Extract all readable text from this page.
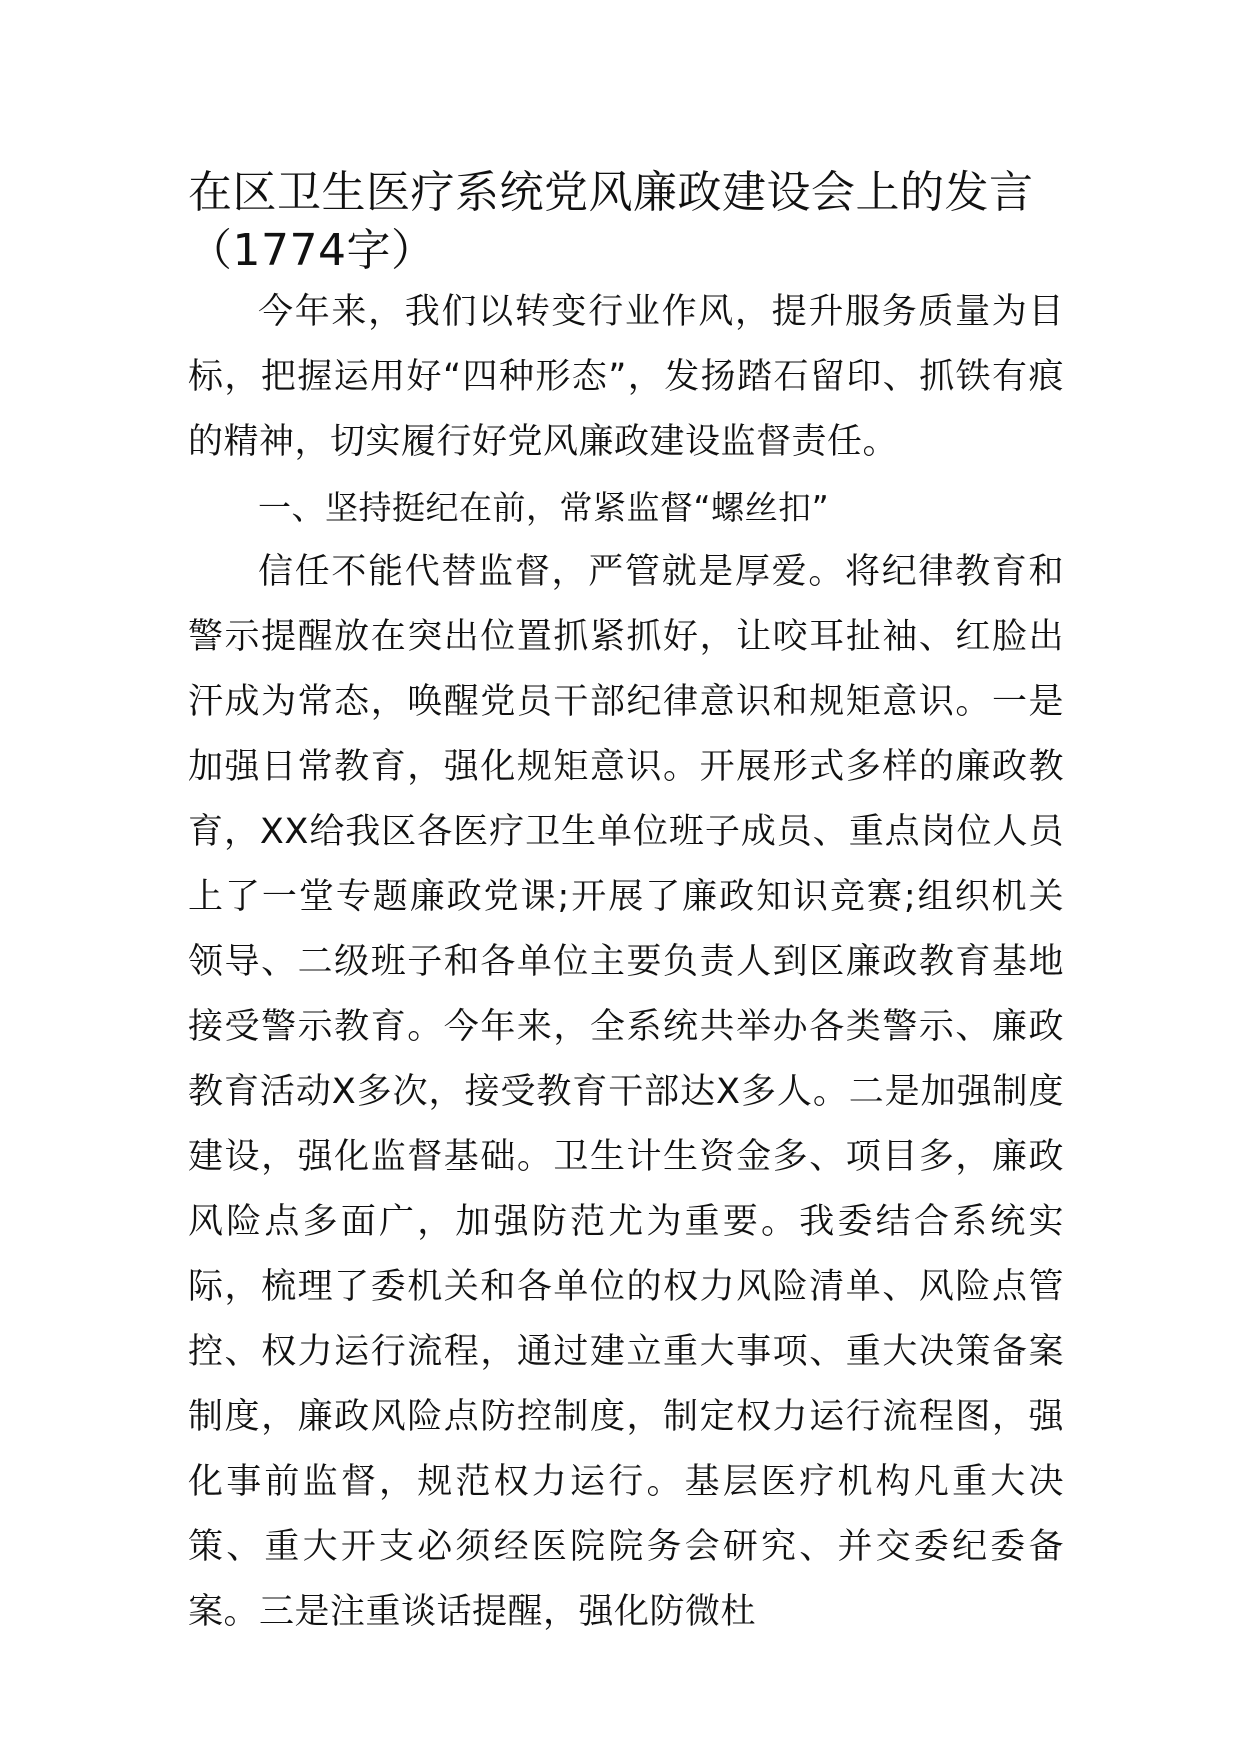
在区卫生医疗系统党风廉政建设会上的发言（1774字）

今年来，我们以转变行业作风，提升服务质量为目标，把握运用好“四种形态”，发扬踏石留印、抓铁有痕的精神，切实履行好党风廉政建设监督责任。

一、坚持挺纪在前，常紧监督“螺丝扣”

信任不能代替监督，严管就是厚爱。将纪律教育和警示提醒放在突出位置抓紧抓好，让咬耳扯袖、红脸出汗成为常态，唤醒党员干部纪律意识和规矩意识。一是加强日常教育，强化规矩意识。开展形式多样的廉政教育，XX给我区各医疗卫生单位班子成员、重点岗位人员上了一堂专题廉政党课;开展了廉政知识竞赛;组织机关领导、二级班子和各单位主要负责人到区廉政教育基地接受警示教育。今年来，全系统共举办各类警示、廉政教育活动X多次，接受教育干部达X多人。二是加强制度建设，强化监督基础。卫生计生资金多、项目多，廉政风险点多面广，加强防范尤为重要。我委结合系统实际，梳理了委机关和各单位的权力风险清单、风险点管控、权力运行流程，通过建立重大事项、重大决策备案制度，廉政风险点防控制度，制定权力运行流程图，强化事前监督，规范权力运行。基层医疗机构凡重大决策、重大开支必须经医院院务会研究、并交委纪委备案。三是注重谈话提醒，强化防微杜
